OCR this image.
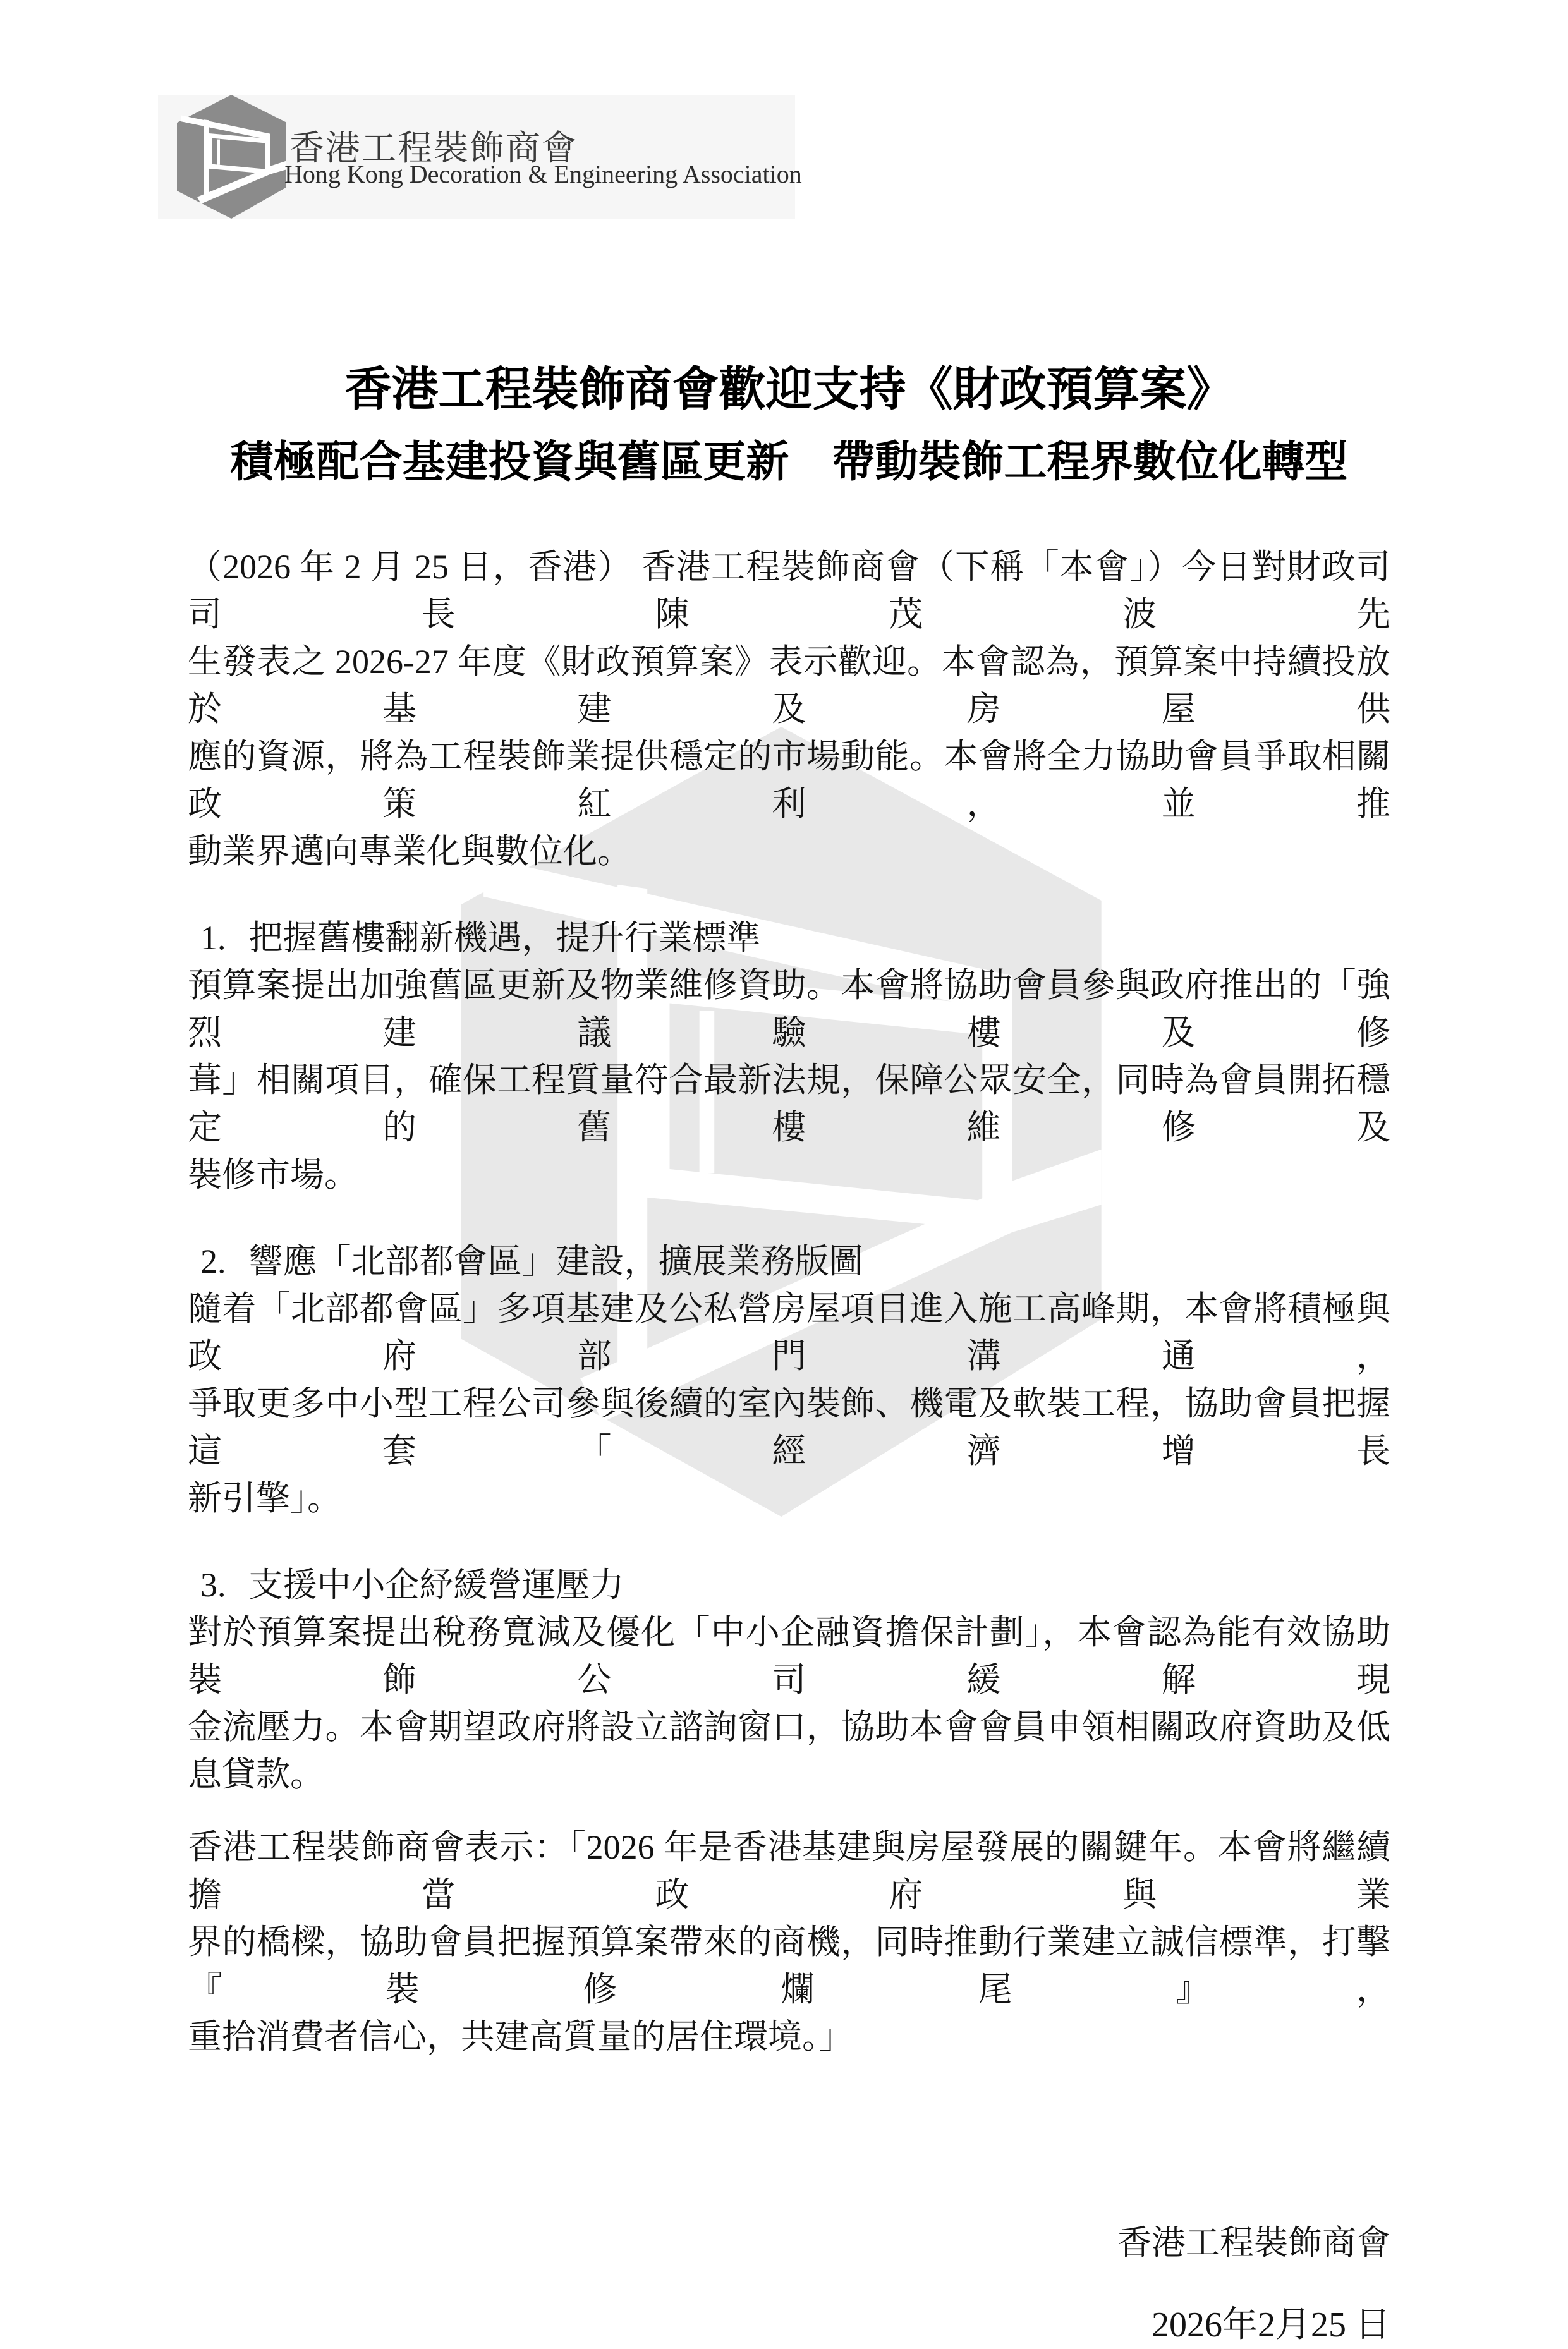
香港工程裝飾商會
Hong Kong Decoration & Engineering Association
香港工程裝飾商會歡迎支持《財政預算案》
積極配合基建投資與舊區更新　帶動裝飾工程界數位化轉型
（2026 年 2 月 25 日，香港） 香港工程裝飾商會（下稱「本會」）今日對財政司司長陳茂波先
生發表之 2026-27 年度《財政預算案》表示歡迎。本會認為，預算案中持續投放於基建及房屋供
應的資源，將為工程裝飾業提供穩定的市場動能。本會將全力協助會員爭取相關政策紅利，並推
動業界邁向專業化與數位化。
1. 把握舊樓翻新機遇，提升行業標準
預算案提出加強舊區更新及物業維修資助。本會將協助會員參與政府推出的「強烈建議驗樓及修
葺」相關項目，確保工程質量符合最新法規，保障公眾安全，同時為會員開拓穩定的舊樓維修及
裝修市場。
2. 響應「北部都會區」建設，擴展業務版圖
隨着「北部都會區」多項基建及公私營房屋項目進入施工高峰期，本會將積極與政府部門溝通，
爭取更多中小型工程公司參與後續的室內裝飾、機電及軟裝工程，協助會員把握這套「經濟增長
新引擎」。
3. 支援中小企紓緩營運壓力
對於預算案提出稅務寬減及優化「中小企融資擔保計劃」，本會認為能有效協助裝飾公司緩解現
金流壓力。本會期望政府將設立諮詢窗口，協助本會會員申領相關政府資助及低息貸款。
香港工程裝飾商會表示：「2026 年是香港基建與房屋發展的關鍵年。本會將繼續擔當政府與業
界的橋樑，協助會員把握預算案帶來的商機，同時推動行業建立誠信標準，打擊『裝修爛尾』，
重拾消費者信心，共建高質量的居住環境。」
香港工程裝飾商會
2026年2月25 日
